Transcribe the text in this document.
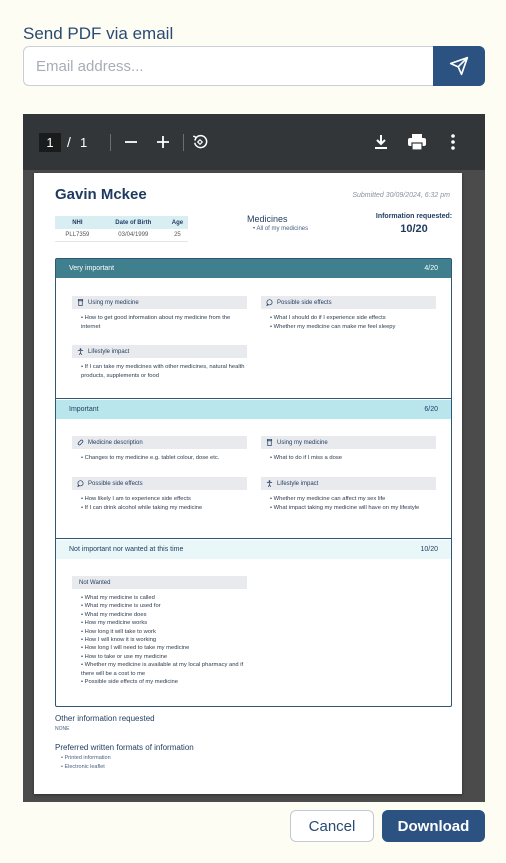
Send PDF via email
Email address...
1 / 1
Gavin Mckee	Submitted 30/09/2024, 6:32 pm
NHI	Date of Birth	Age
PLL7359	03/04/1999	25
Medicines
• All of my medicines
Information requested:
10/20
Very important	4/20
Using my medicine
• How to get good information about my medicine from the internet
Possible side effects
• What I should do if I experience side effects
• Whether my medicine can make me feel sleepy
Lifestyle impact
• If I can take my medicines with other medicines, natural health products, supplements or food
Important	6/20
Medicine description
• Changes to my medicine e.g. tablet colour, dose etc.
Using my medicine
• What to do if I miss a dose
Possible side effects
• How likely I am to experience side effects
• If I can drink alcohol while taking my medicine
Lifestyle impact
• Whether my medicine can affect my sex life
• What impact taking my medicine will have on my lifestyle
Not important nor wanted at this time	10/20
Not Wanted
• What my medicine is called
• What my medicine is used for
• What my medicine does
• How my medicine works
• How long it will take to work
• How I will know it is working
• How long I will need to take my medicine
• How to take or use my medicine
• Whether my medicine is available at my local pharmacy and if there will be a cost to me
• Possible side effects of my medicine
Other information requested
NONE
Preferred written formats of information
• Printed information
• Electronic leaflet
Cancel	Download
